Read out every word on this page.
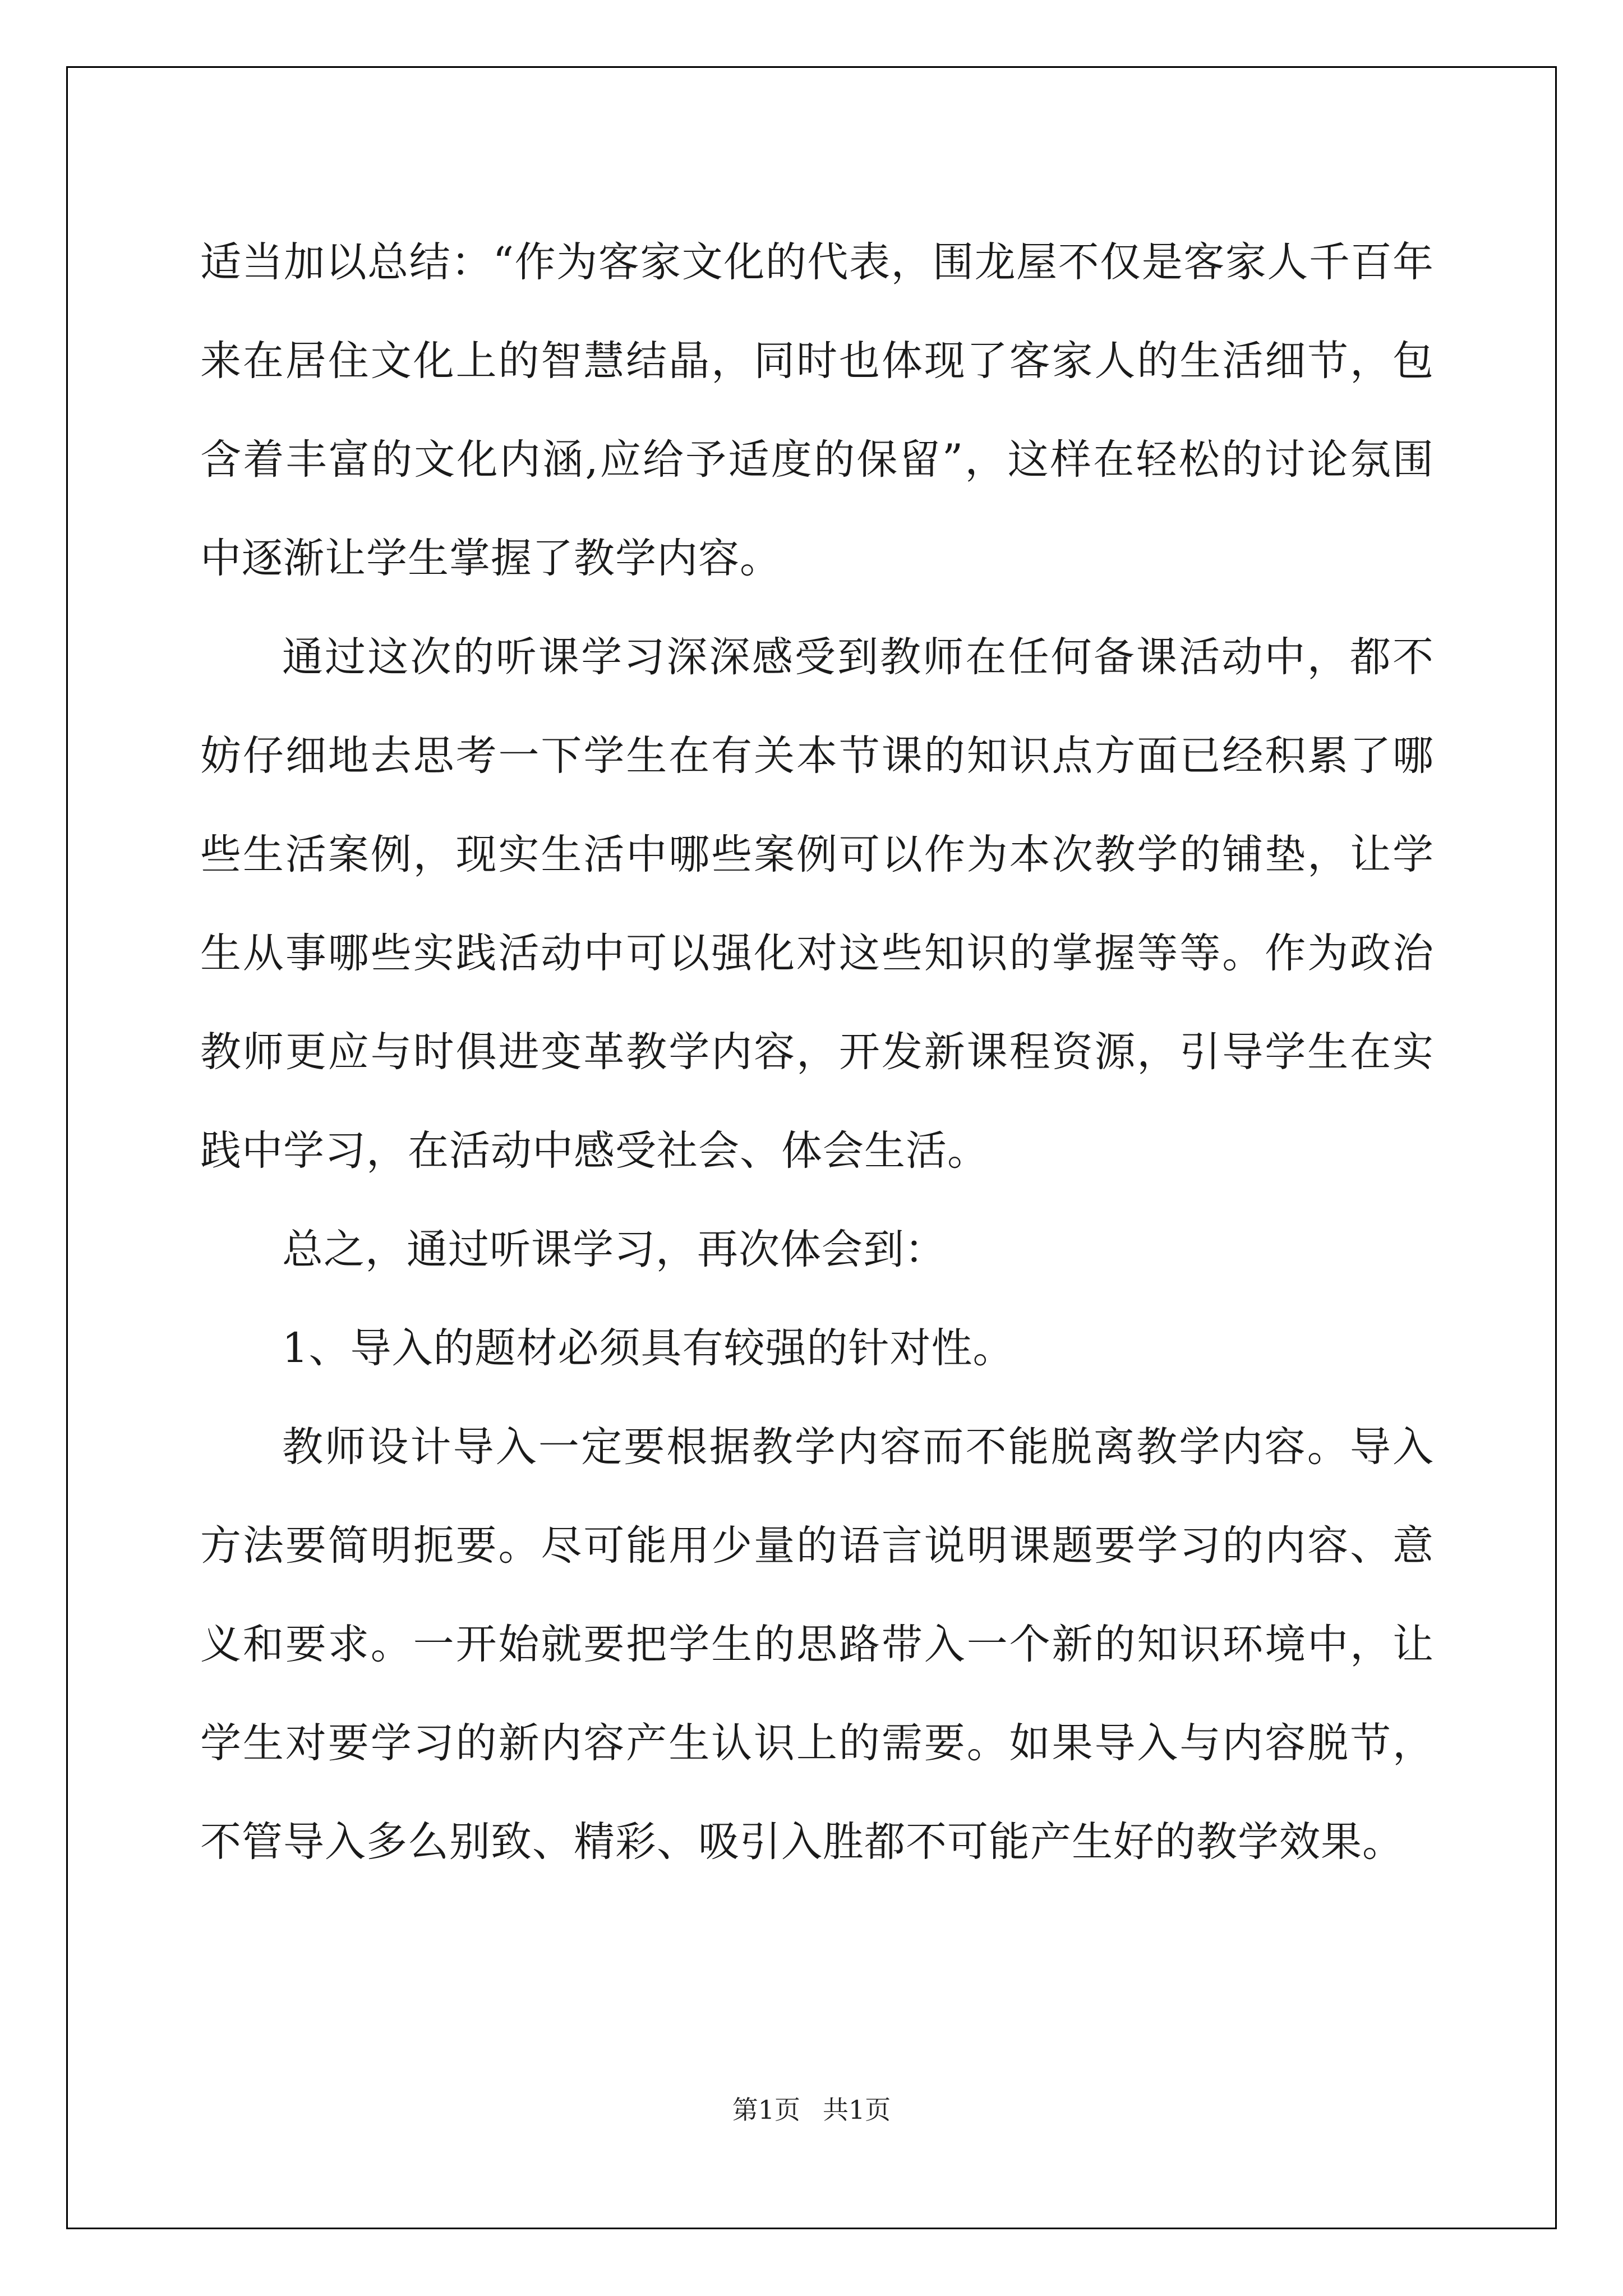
适当加以总结：“作为客家文化的代表，围龙屋不仅是客家人千百年来在居住文化上的智慧结晶，同时也体现了客家人的生活细节，包含着丰富的文化内涵,应给予适度的保留”，这样在轻松的讨论氛围中逐渐让学生掌握了教学内容。

通过这次的听课学习深深感受到教师在任何备课活动中，都不妨仔细地去思考一下学生在有关本节课的知识点方面已经积累了哪些生活案例，现实生活中哪些案例可以作为本次教学的铺垫，让学生从事哪些实践活动中可以强化对这些知识的掌握等等。作为政治教师更应与时俱进变革教学内容，开发新课程资源，引导学生在实践中学习，在活动中感受社会、体会生活。

总之，通过听课学习，再次体会到：

1、导入的题材必须具有较强的针对性。

教师设计导入一定要根据教学内容而不能脱离教学内容。导入方法要简明扼要。尽可能用少量的语言说明课题要学习的内容、意义和要求。一开始就要把学生的思路带入一个新的知识环境中，让学生对要学习的新内容产生认识上的需要。如果导入与内容脱节，不管导入多么别致、精彩、吸引入胜都不可能产生好的教学效果。

第1页 共1页
